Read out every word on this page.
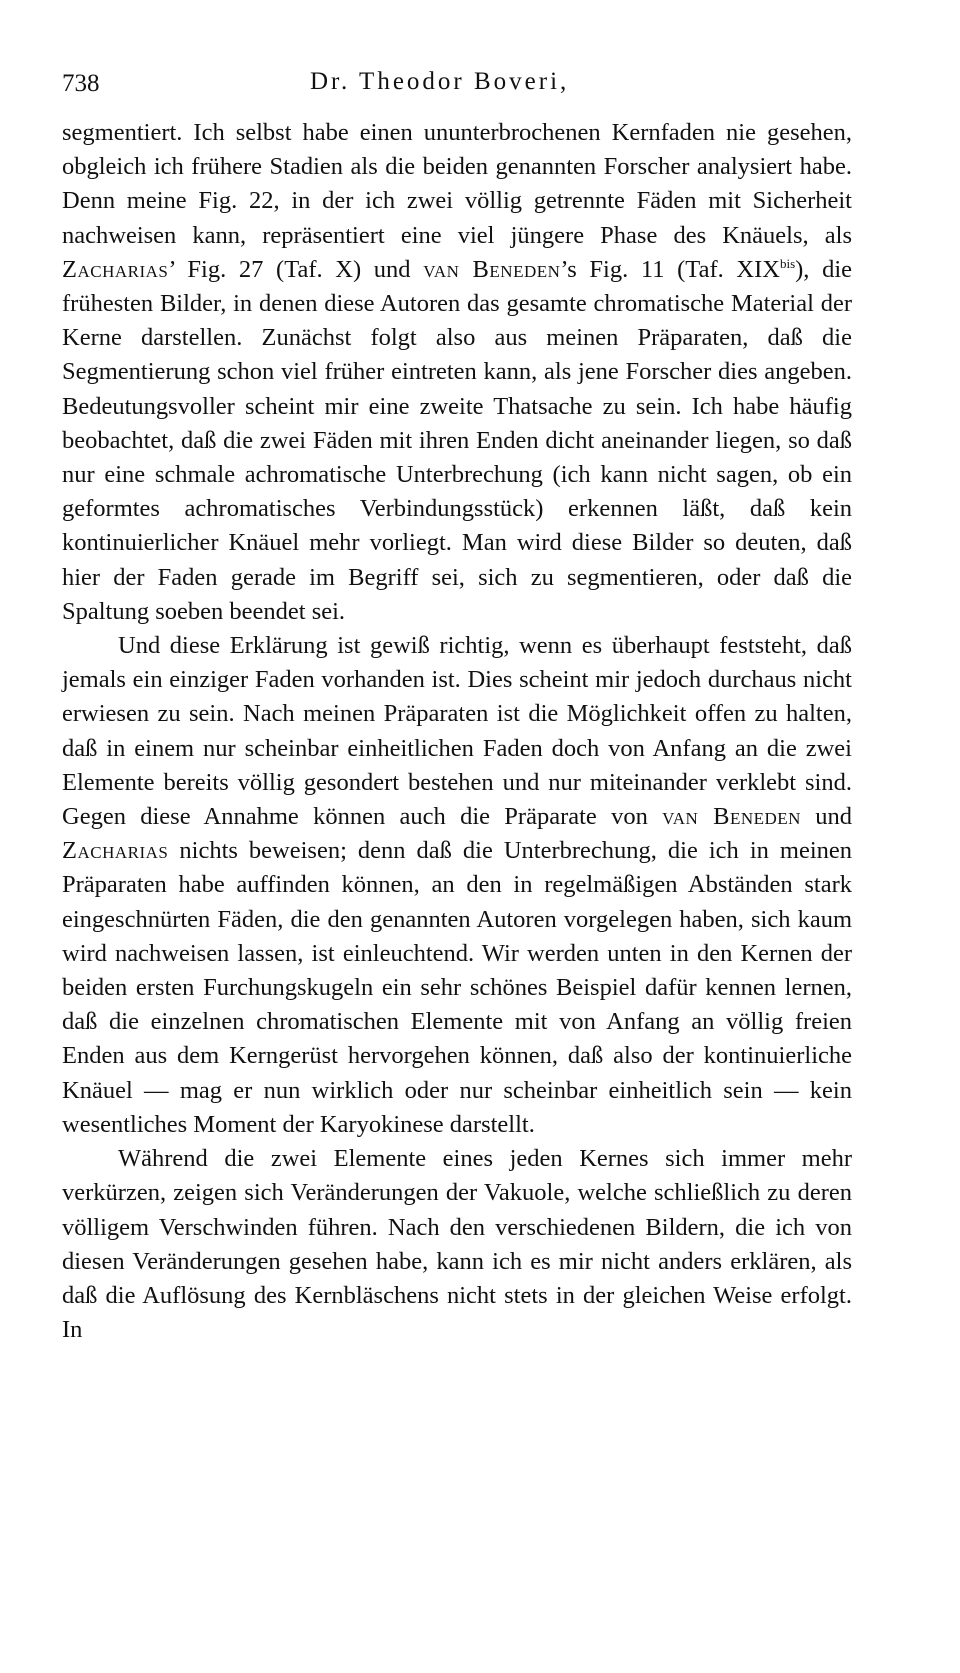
738	Dr. Theodor Boveri,

segmentiert. Ich selbst habe einen ununterbrochenen Kernfaden nie gesehen, obgleich ich frühere Stadien als die beiden genannten Forscher analysiert habe. Denn meine Fig. 22, in der ich zwei völlig getrennte Fäden mit Sicherheit nachweisen kann, repräsentiert eine viel jüngere Phase des Knäuels, als Zacharias’ Fig. 27 (Taf. X) und van Beneden’s Fig. 11 (Taf. $XIX^{bis}$), die frühesten Bilder, in denen diese Autoren das gesamte chromatische Material der Kerne darstellen. Zunächst folgt also aus meinen Präparaten, daß die Segmentierung schon viel früher eintreten kann, als jene Forscher dies angeben. Bedeutungsvoller scheint mir eine zweite Thatsache zu sein. Ich habe häufig beobachtet, daß die zwei Fäden mit ihren Enden dicht aneinander liegen, so daß nur eine schmale achromatische Unterbrechung (ich kann nicht sagen, ob ein geformtes achromatisches Verbindungsstück) erkennen läßt, daß kein kontinuierlicher Knäuel mehr vorliegt. Man wird diese Bilder so deuten, daß hier der Faden gerade im Begriff sei, sich zu segmentieren, oder daß die Spaltung soeben beendet sei.

Und diese Erklärung ist gewiß richtig, wenn es überhaupt feststeht, daß jemals ein einziger Faden vorhanden ist. Dies scheint mir jedoch durchaus nicht erwiesen zu sein. Nach meinen Präparaten ist die Möglichkeit offen zu halten, daß in einem nur scheinbar einheitlichen Faden doch von Anfang an die zwei Elemente bereits völlig gesondert bestehen und nur miteinander verklebt sind. Gegen diese Annahme können auch die Präparate von van Beneden und Zacharias nichts beweisen; denn daß die Unterbrechung, die ich in meinen Präparaten habe auffinden können, an den in regelmäßigen Abständen stark eingeschnürten Fäden, die den genannten Autoren vorgelegen haben, sich kaum wird nachweisen lassen, ist einleuchtend. Wir werden unten in den Kernen der beiden ersten Furchungskugeln ein sehr schönes Beispiel dafür kennen lernen, daß die einzelnen chromatischen Elemente mit von Anfang an völlig freien Enden aus dem Kerngerüst hervorgehen können, daß also der kontinuierliche Knäuel — mag er nun wirklich oder nur scheinbar einheitlich sein — kein wesentliches Moment der Karyokinese darstellt.

Während die zwei Elemente eines jeden Kernes sich immer mehr verkürzen, zeigen sich Veränderungen der Vakuole, welche schließlich zu deren völligem Verschwinden führen. Nach den verschiedenen Bildern, die ich von diesen Veränderungen gesehen habe, kann ich es mir nicht anders erklären, als daß die Auflösung des Kernbläschens nicht stets in der gleichen Weise erfolgt. In
